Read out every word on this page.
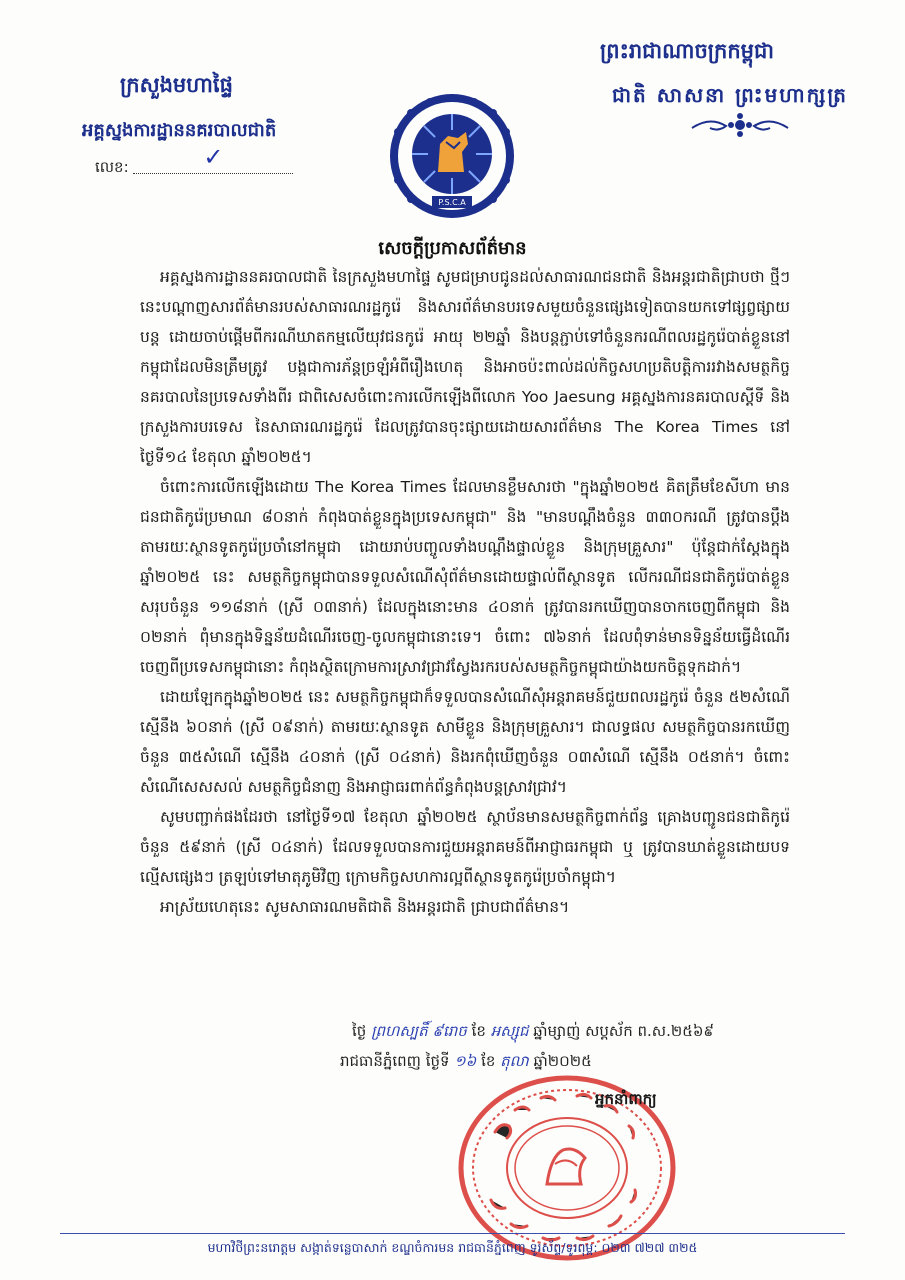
ក្រសួងមហាផ្ទៃ
អគ្គស្នងការដ្ឋាននគរបាលជាតិ
លេខ:	✓
ព្រះរាជាណាចក្រកម្ពុជា
ជាតិ សាសនា ព្រះមហាក្សត្រ
P.S.C.A
សេចក្ដីប្រកាសព័ត៌មាន

អគ្គស្នងការដ្ឋាននគរបាលជាតិ នៃក្រសួងមហាផ្ទៃ សូមជម្រាបជូនដល់សាធារណជនជាតិ និងអន្តរជាតិជ្រាបថា ថ្មីៗនេះបណ្ដាញសារព័ត៌មានរបស់សាធារណរដ្ឋកូរ៉េ និងសារព័ត៌មានបរទេសមួយចំនួនផ្សេងទៀតបានយកទៅផ្សព្វផ្សាយបន្ត ដោយចាប់ផ្ដើមពីករណីឃាតកម្មលើយុវជនកូរ៉េ អាយុ ២២ឆ្នាំ និងបន្តភ្ជាប់ទៅចំនួនករណីពលរដ្ឋកូរ៉េបាត់ខ្លួននៅកម្ពុជាដែលមិនត្រឹមត្រូវ បង្កជាការភ័ន្តច្រឡំអំពីរឿងហេតុ និងអាចប៉ះពាល់ដល់កិច្ចសហប្រតិបត្តិការរវាងសមត្ថកិច្ចនគរបាលនៃប្រទេសទាំងពីរ ជាពិសេសចំពោះការលើកឡើងពីលោក Yoo Jaesung អគ្គស្នងការនគរបាលស្ដីទី និងក្រសួងការបរទេស នៃសាធារណរដ្ឋកូរ៉េ ដែលត្រូវបានចុះផ្សាយដោយសារព័ត៌មាន The Korea Times នៅថ្ងៃទី១៤ ខែតុលា ឆ្នាំ២០២៥។

ចំពោះការលើកឡើងដោយ The Korea Times ដែលមានខ្លឹមសារថា "ក្នុងឆ្នាំ២០២៥ គិតត្រឹមខែសីហា មានជនជាតិកូរ៉េប្រមាណ ៨០នាក់ កំពុងបាត់ខ្លួនក្នុងប្រទេសកម្ពុជា" និង "មានបណ្ដឹងចំនួន ៣៣០ករណី ត្រូវបានប្ដឹងតាមរយៈស្ថានទូតកូរ៉េប្រចាំនៅកម្ពុជា ដោយរាប់បញ្ចូលទាំងបណ្ដឹងផ្ទាល់ខ្លួន និងក្រុមគ្រួសារ" ប៉ុន្តែជាក់ស្ដែងក្នុងឆ្នាំ២០២៥ នេះ សមត្ថកិច្ចកម្ពុជាបានទទួលសំណើសុំព័ត៌មានដោយផ្ទាល់ពីស្ថានទូត លើករណីជនជាតិកូរ៉េបាត់ខ្លួនសរុបចំនួន ១១៨នាក់ (ស្រី ០៣នាក់) ដែលក្នុងនោះមាន ៤០នាក់ ត្រូវបានរកឃើញបានចាកចេញពីកម្ពុជា និង ០២នាក់ ពុំមានក្នុងទិន្នន័យដំណើរចេញ-ចូលកម្ពុជានោះទេ។ ចំពោះ ៧៦នាក់ ដែលពុំទាន់មានទិន្នន័យធ្វើដំណើរចេញពីប្រទេសកម្ពុជានោះ កំពុងស្ថិតក្រោមការស្រាវជ្រាវស្វែងរករបស់សមត្ថកិច្ចកម្ពុជាយ៉ាងយកចិត្តទុកដាក់។

ដោយឡែកក្នុងឆ្នាំ២០២៥ នេះ សមត្ថកិច្ចកម្ពុជាក៏ទទួលបានសំណើសុំអន្តរាគមន៍ជួយពលរដ្ឋកូរ៉េ ចំនួន ៥២សំណើ ស្មើនឹង ៦០នាក់ (ស្រី ០៩នាក់) តាមរយៈស្ថានទូត សាមីខ្លួន និងក្រុមគ្រួសារ។ ជាលទ្ធផល សមត្ថកិច្ចបានរកឃើញចំនួន ៣៥សំណើ ស្មើនឹង ៤០នាក់ (ស្រី ០៤នាក់) និងរកពុំឃើញចំនួន ០៣សំណើ ស្មើនឹង ០៥នាក់។ ចំពោះសំណើសេសសល់ សមត្ថកិច្ចជំនាញ និងអាជ្ញាធរពាក់ព័ន្ធកំពុងបន្តស្រាវជ្រាវ។

សូមបញ្ជាក់ផងដែរថា នៅថ្ងៃទី១៧ ខែតុលា ឆ្នាំ២០២៥ ស្ថាប័នមានសមត្ថកិច្ចពាក់ព័ន្ធ គ្រោងបញ្ជូនជនជាតិកូរ៉េចំនួន ៥៩នាក់ (ស្រី ០៤នាក់) ដែលទទួលបានការជួយអន្តរាគមន៍ពីអាជ្ញាធរកម្ពុជា ឬ ត្រូវបានឃាត់ខ្លួនដោយបទល្មើសផ្សេងៗ ត្រឡប់ទៅមាតុភូមិវិញ ក្រោមកិច្ចសហការល្អពីស្ថានទូតកូរ៉េប្រចាំកម្ពុជា។

អាស្រ័យហេតុនេះ សូមសាធារណមតិជាតិ និងអន្តរជាតិ ជ្រាបជាព័ត៌មាន។

ថ្ងៃ ព្រហស្បតិ៍ ៩រោច ខែ អស្សុជ ឆ្នាំម្សាញ់ សប្តស័ក ព.ស.២៥៦៩
រាជធានីភ្នំពេញ ថ្ងៃទី ១៦ ខែ តុលា ឆ្នាំ២០២៥
អ្នកនាំពាក្យ
មហាវិថីព្រះនរោត្តម សង្កាត់ទន្លេបាសាក់ ខណ្ឌចំការមន រាជធានីភ្នំពេញ ទូរស័ព្ទ/ទូរពុម្ព: ០២៣ ៧២៧ ៣២៥
